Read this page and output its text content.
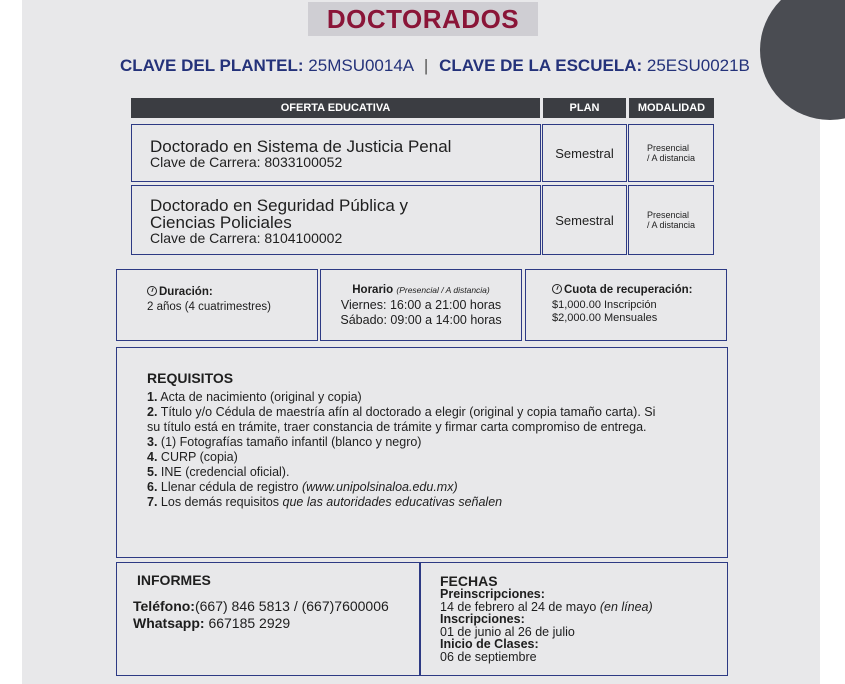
DOCTORADOS
CLAVE DEL PLANTEL: 25MSU0014A | CLAVE DE LA ESCUELA: 25ESU0021B
OFERTA EDUCATIVA	PLAN	MODALIDAD
Doctorado en Sistema de Justicia Penal
Clave de Carrera: 8033100052
Semestral	Presencial
/ A distancia
Doctorado en Seguridad Pública y
Ciencias Policiales
Clave de Carrera: 8104100002
Semestral	Presencial
/ A distancia
Duración:
2 años (4 cuatrimestres)
Horario (Presencial / A distancia)
Viernes: 16:00 a 21:00 horas
Sábado: 09:00 a 14:00 horas
Cuota de recuperación:
$1,000.00 Inscripción
$2,000.00 Mensuales
REQUISITOS
1. Acta de nacimiento (original y copia)
2. Título y/o Cédula de maestría afín al doctorado a elegir (original y copia tamaño carta). Si
su título está en trámite, traer constancia de trámite y firmar carta compromiso de entrega.
3. (1) Fotografías tamaño infantil (blanco y negro)
4. CURP (copia)
5. INE (credencial oficial).
6. Llenar cédula de registro (www.unipolsinaloa.edu.mx)
7. Los demás requisitos que las autoridades educativas señalen
INFORMES
Teléfono:(667) 846 5813 / (667)7600006
Whatsapp: 667185 2929
FECHAS
Preinscripciones:
14 de febrero al 24 de mayo (en línea)
Inscripciones:
01 de junio al 26 de julio
Inicio de Clases:
06 de septiembre
